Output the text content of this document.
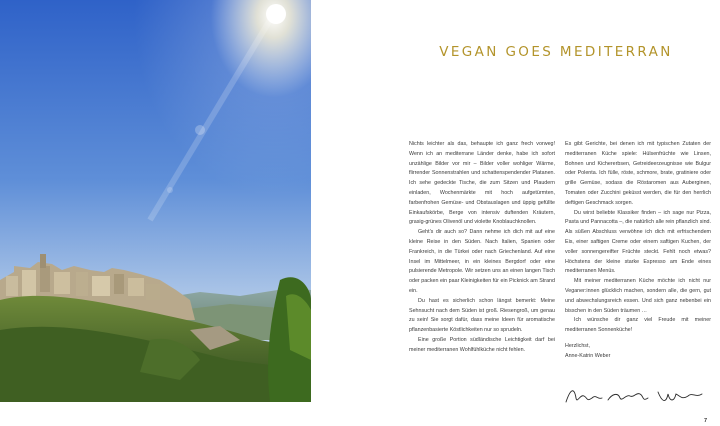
VEGAN GOES MEDITERRAN

Nichts leichter als das, behaupte ich ganz frech vorweg! Wenn ich an mediterrane Länder denke, habe ich sofort unzählige Bilder vor mir – Bilder voller wohliger Wärme, flirrender Sonnenstrahlen und schattenspendender Platanen. Ich sehe gedeckte Tische, die zum Sitzen und Plaudern einladen, Wochenmärkte mit hoch aufgetürmten, farbenfrohen Gemüse- und Obstauslagen und üppig gefüllte Einkaufskörbe, Berge von intensiv duftenden Kräutern, grasig-grünes Olivenöl und violette Knoblauchknollen.

Geht’s dir auch so? Dann nehme ich dich mit auf eine kleine Reise in den Süden. Nach Italien, Spanien oder Frankreich, in die Türkei oder nach Griechenland. Auf eine Insel im Mittelmeer, in ein kleines Bergdorf oder eine pulsierende Metropole. Wir setzen uns an einen langen Tisch oder packen ein paar Kleinigkeiten für ein Picknick am Strand ein.

Du hast es sicherlich schon längst bemerkt: Meine Sehnsucht nach dem Süden ist groß. Riesengroß, um genau zu sein! Sie sorgt dafür, dass meine Ideen für aromatische pflanzenbasierte Köstlichkeiten nur so sprudeln.

Eine große Portion südländische Leichtigkeit darf bei meiner mediterranen Wohlfühlküche nicht fehlen.

Es gibt Gerichte, bei denen ich mit typischen Zutaten der mediterranen Küche spiele: Hülsenfrüchte wie Linsen, Bohnen und Kichererbsen, Getreideerzeugnisse wie Bulgur oder Polenta. Ich fülle, röste, schmore, brate, gratiniere oder grille Gemüse, sodass die Röstaromen aus Auberginen, Tomaten oder Zucchini geküsst werden, die für den herrlich deftigen Geschmack sorgen.

Du wirst beliebte Klassiker finden – ich sage nur Pizza, Pasta und Pannacotta –, die natürlich alle rein pflanzlich sind. Als süßen Abschluss verwöhne ich dich mit erfrischendem Eis, einer saftigen Creme oder einem saftigen Kuchen, der voller sonnengereifter Früchte steckt. Fehlt noch etwas? Höchstens der kleine starke Espresso am Ende eines mediterranen Menüs.

Mit meiner mediterranen Küche möchte ich nicht nur Veganer:innen glücklich machen, sondern alle, die gern, gut und abwechslungsreich essen. Und sich ganz nebenbei ein bisschen in den Süden träumen …

Ich wünsche dir ganz viel Freude mit meiner mediterranen Sonnenküche!

Herzlichst,
Anne-Katrin Weber
7
